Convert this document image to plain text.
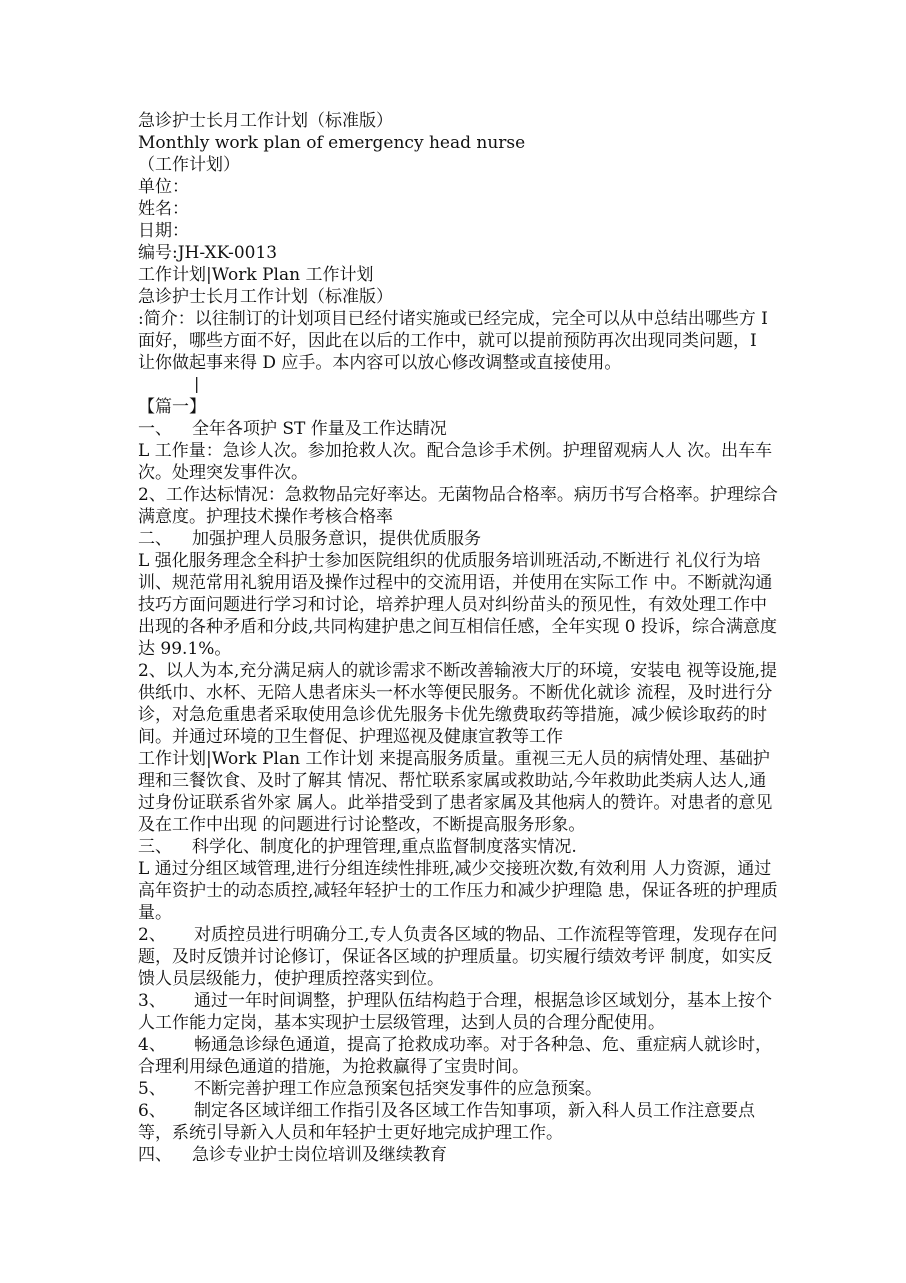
急诊护士长月工作计划（标准版）
Monthly work plan of emergency head nurse
（工作计划）
单位：
姓名：
日期：
编号:JH-XK-0013
工作计划|Work Plan 工作计划
急诊护士长月工作计划（标准版）
:简介：以往制订的计划项目已经付诸实施或已经完成，完全可以从中总结出哪些方 I 面好，哪些方面不好，因此在以后的工作中，就可以提前预防再次出现同类问题，I 让你做起事来得 D 应手。本内容可以放心修改调整或直接使用。
|
【篇一】
一、 全年各项护 ST 作量及工作达睛况
L 工作量：急诊人次。参加抢救人次。配合急诊手术例。护理留观病人人 次。出车车次。处理突发事件次。
2、工作达标情况：急救物品完好率达。无菌物品合格率。病历书写合格率。护理综合满意度。护理技术操作考核合格率
二、 加强护理人员服务意识，提供优质服务
L 强化服务理念全科护士参加医院组织的优质服务培训班活动,不断进行 礼仪行为培训、规范常用礼貌用语及操作过程中的交流用语，并使用在实际工作 中。不断就沟通技巧方面问题进行学习和讨论，培养护理人员对纠纷苗头的预见性，有效处理工作中出现的各种矛盾和分歧,共同构建护患之间互相信任感，全年实现 0 投诉，综合满意度达 99.1%。
2、以人为本,充分满足病人的就诊需求不断改善输液大厅的环境，安装电 视等设施,提供纸巾、水杯、无陪人患者床头一杯水等便民服务。不断优化就诊 流程，及时进行分诊，对急危重患者采取使用急诊优先服务卡优先缴费取药等措施，减少候诊取药的时间。并通过环境的卫生督促、护理巡视及健康宣教等工作
工作计划|Work Plan 工作计划 来提高服务质量。重视三无人员的病情处理、基础护理和三餐饮食、及时了解其 情况、帮忙联系家属或救助站,今年救助此类病人达人,通过身份证联系省外家 属人。此举措受到了患者家属及其他病人的赞许。对患者的意见及在工作中出现 的问题进行讨论整改，不断提高服务形象。
三、 科学化、制度化的护理管理,重点监督制度落实情况.
L 通过分组区域管理,进行分组连续性排班,减少交接班次数,有效利用 人力资源，通过高年资护士的动态质控,减轻年轻护士的工作压力和减少护理隐 患，保证各班的护理质量。
2、 对质控员进行明确分工,专人负责各区域的物品、工作流程等管理，发现存在问题，及时反馈并讨论修订，保证各区域的护理质量。切实履行绩效考评 制度，如实反馈人员层级能力，使护理质控落实到位。
3、 通过一年时间调整，护理队伍结构趋于合理，根据急诊区域划分，基本上按个人工作能力定岗，基本实现护士层级管理，达到人员的合理分配使用。
4、 畅通急诊绿色通道，提高了抢救成功率。对于各种急、危、重症病人就诊时，合理利用绿色通道的措施，为抢救赢得了宝贵时间。
5、 不断完善护理工作应急预案包括突发事件的应急预案。
6、 制定各区域详细工作指引及各区域工作告知事项，新入科人员工作注意要点等，系统引导新入人员和年轻护士更好地完成护理工作。
四、 急诊专业护士岗位培训及继续教育
